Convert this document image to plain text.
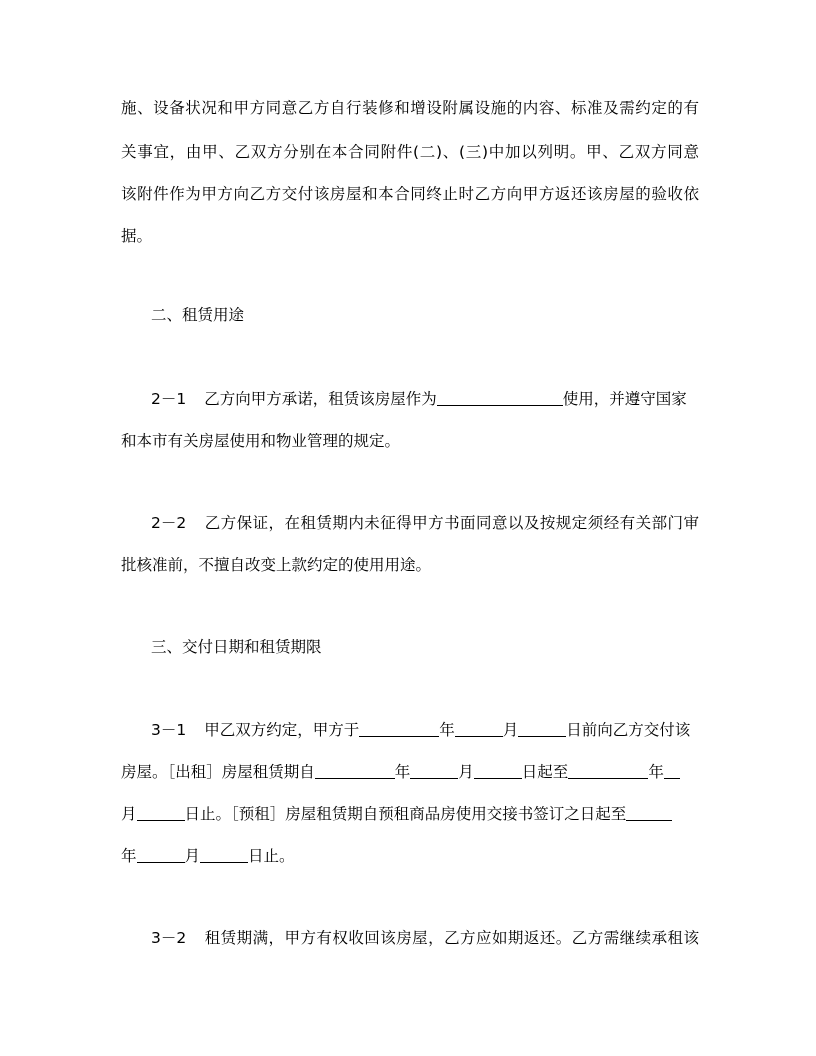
施、设备状况和甲方同意乙方自行装修和增设附属设施的内容、标准及需约定的有
关事宜，由甲、乙双方分别在本合同附件(二)、(三)中加以列明。甲、乙双方同意
该附件作为甲方向乙方交付该房屋和本合同终止时乙方向甲方返还该房屋的验收依
据。
二、租赁用途
2－1 乙方向甲方承诺，租赁该房屋作为	使用，并遵守国家
和本市有关房屋使用和物业管理的规定。
2－2 乙方保证，在租赁期内未征得甲方书面同意以及按规定须经有关部门审
批核准前，不擅自改变上款约定的使用用途。
三、交付日期和租赁期限
3－1 甲乙双方约定，甲方于	年	月	日前向乙方交付该
房屋。［出租］房屋租赁期自	年	月	日起至	年
月	日止。［预租］房屋租赁期自预租商品房使用交接书签订之日起至
年	月	日止。
3－2 租赁期满，甲方有权收回该房屋，乙方应如期返还。乙方需继续承租该
